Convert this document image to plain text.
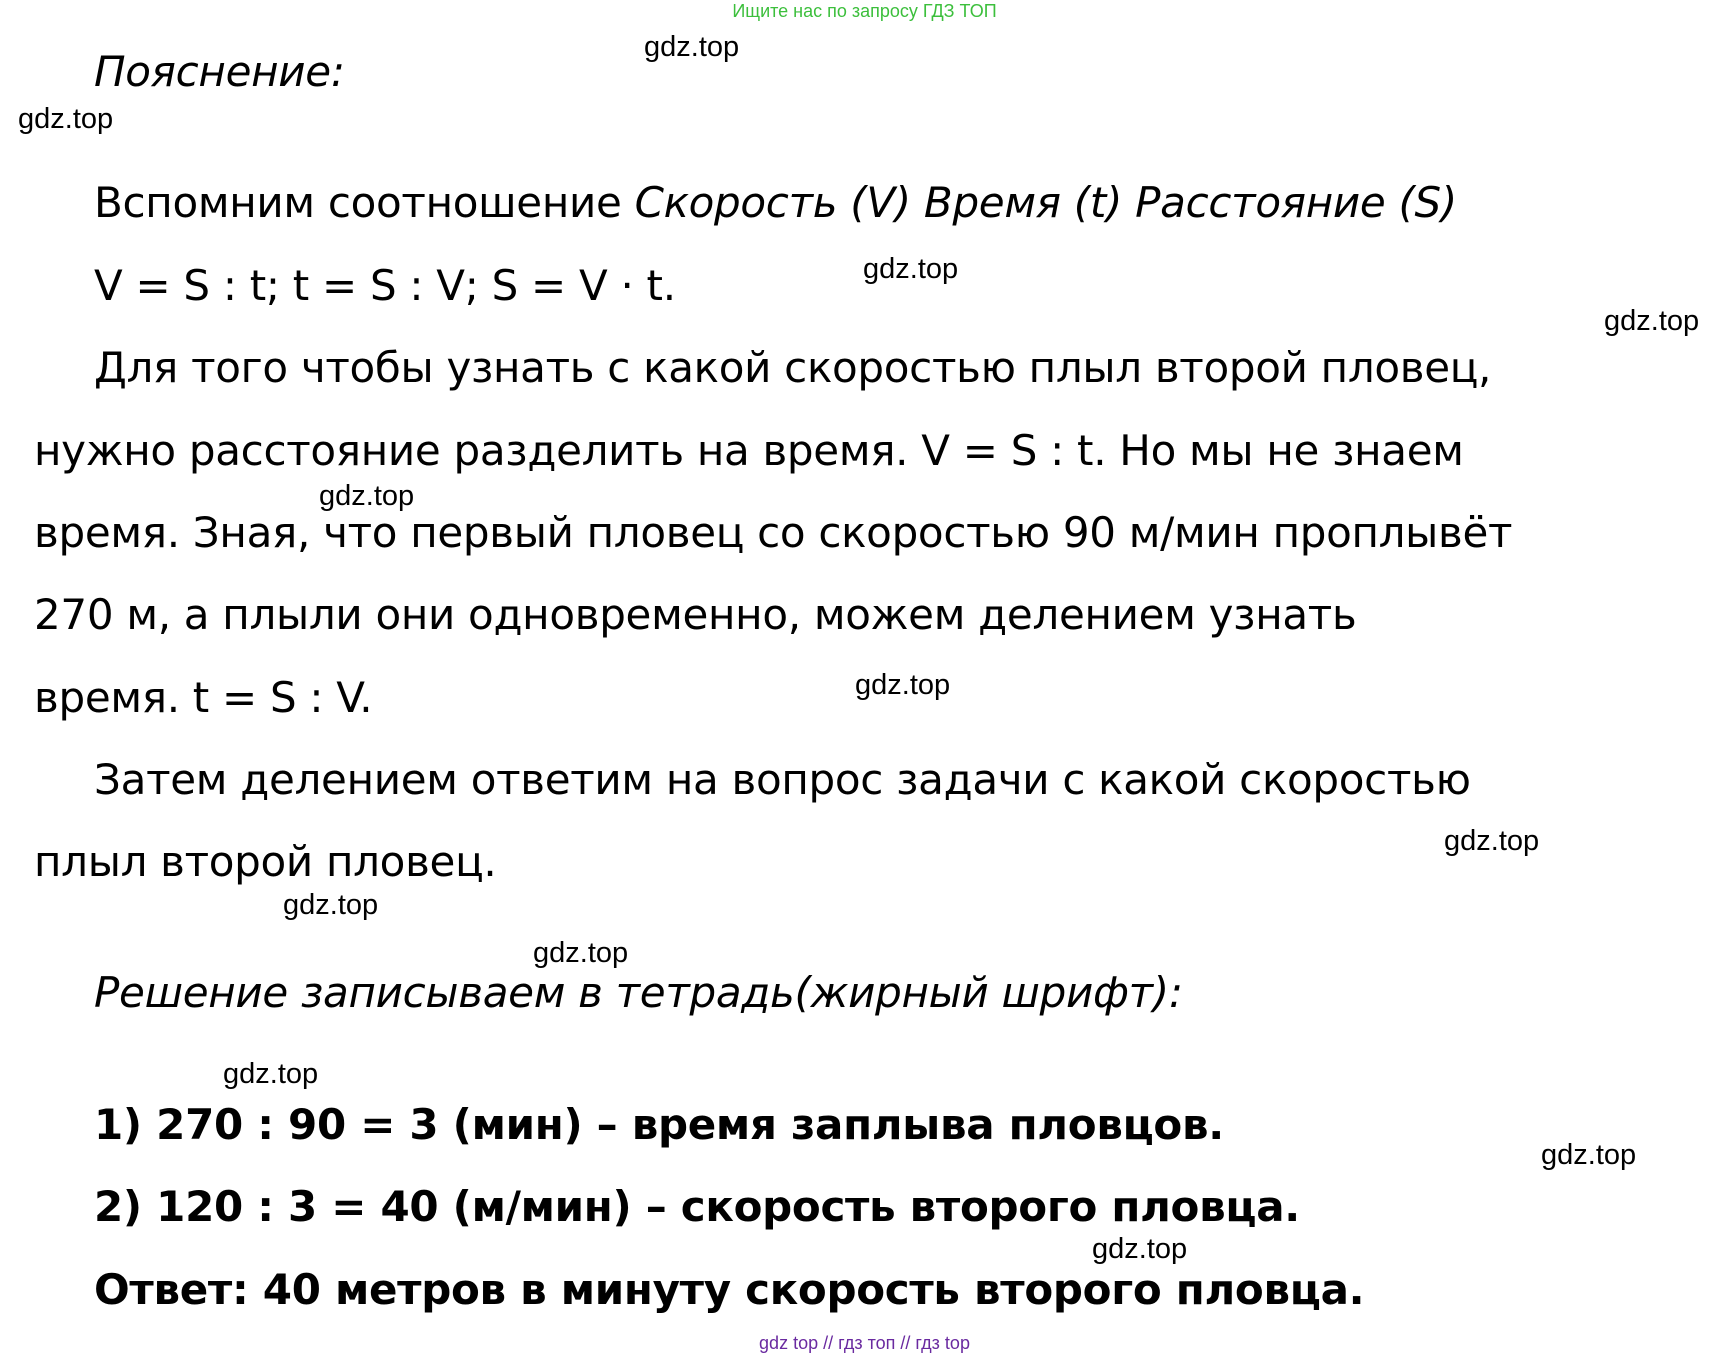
Ищите нас по запросу ГДЗ ТОП
gdz.top
gdz.top
gdz.top
gdz.top
gdz.top
gdz.top
gdz.top
gdz.top
gdz.top
gdz.top
gdz.top
gdz.top
Пояснение:
Вспомним соотношение Скорость (V) Время (t) Расстояние (S)
V = S : t; t = S : V; S = V · t.
Для того чтобы узнать с какой скоростью плыл второй пловец,
нужно расстояние разделить на время. V = S : t. Но мы не знаем
время. Зная, что первый пловец со скоростью 90 м/мин проплывёт
270 м, а плыли они одновременно, можем делением узнать
время. t = S : V.
Затем делением ответим на вопрос задачи с какой скоростью
плыл второй пловец.
Решение записываем в тетрадь(жирный шрифт):
1) 270 : 90 = 3 (мин) – время заплыва пловцов.
2) 120 : 3 = 40 (м/мин) – скорость второго пловца.
Ответ: 40 метров в минуту скорость второго пловца.
gdz top // гдз топ // гдз top
